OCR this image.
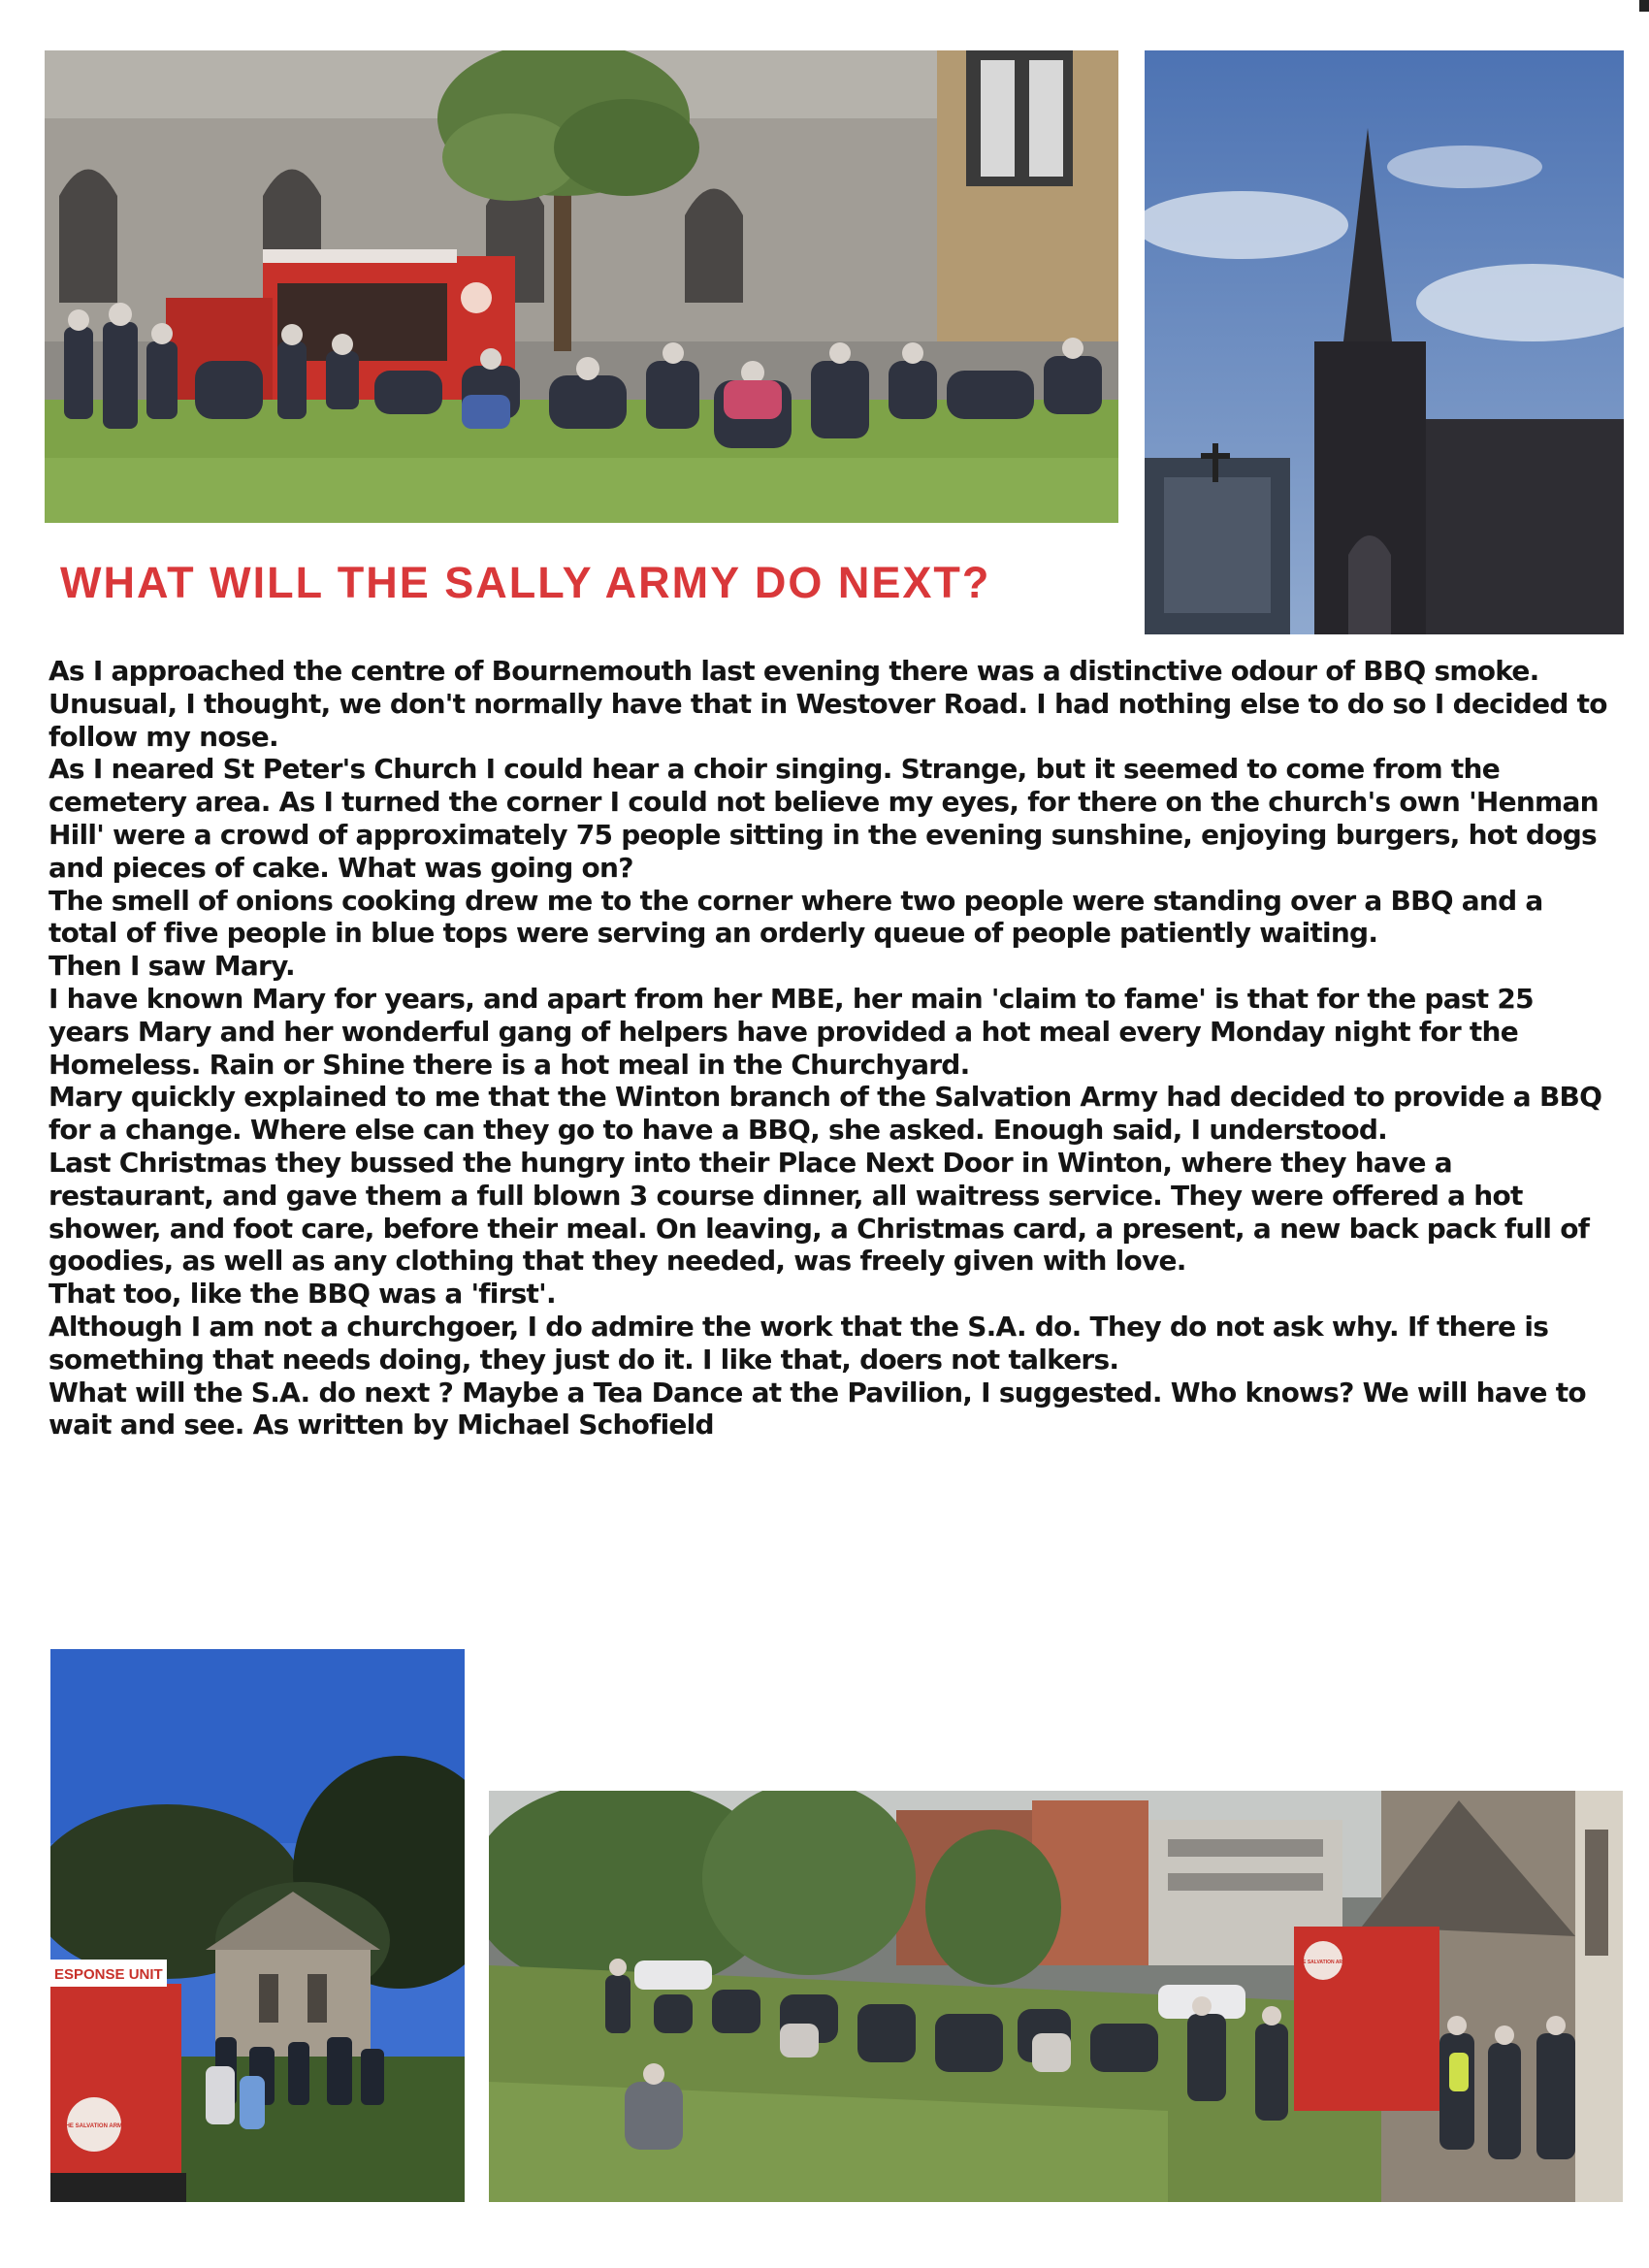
WHAT WILL THE SALLY ARMY DO NEXT?

As I approached the centre of Bournemouth last evening there was a distinctive odour of BBQ smoke. Unusual, I thought, we don't normally have that in Westover Road. I had nothing else to do so I decided to follow my nose.

As I neared St Peter's Church I could hear a choir singing. Strange, but it seemed to come from the cemetery area. As I turned the corner I could not believe my eyes, for there on the church's own 'Henman Hill' were a crowd of approximately 75 people sitting in the evening sunshine, enjoying burgers, hot dogs and pieces of cake. What was going on?

The smell of onions cooking drew me to the corner where two people were standing over a BBQ and a total of five people in blue tops were serving an orderly queue of people patiently waiting.

Then I saw Mary.

I have known Mary for years, and apart from her MBE, her main 'claim to fame' is that for the past 25 years Mary and her wonderful gang of helpers have provided a hot meal every Monday night for the Homeless. Rain or Shine there is a hot meal in the Churchyard.

Mary quickly explained to me that the Winton branch of the Salvation Army had decided to provide a BBQ for a change. Where else can they go to have a BBQ, she asked. Enough said, I understood.

Last Christmas they bussed the hungry into their Place Next Door in Winton, where they have a restaurant, and gave them a full blown 3 course dinner, all waitress service. They were offered a hot shower, and foot care, before their meal. On leaving, a Christmas card, a present, a new back pack full of goodies, as well as any clothing that they needed, was freely given with love.

That too, like the BBQ was a 'first'.

Although I am not a churchgoer, I do admire the work that the S.A. do. They do not ask why. If there is something that needs doing, they just do it. I like that, doers not talkers.

What will the S.A. do next ? Maybe a Tea Dance at the Pavilion, I suggested. Who knows? We will have to wait and see. As written by Michael Schofield

ESPONSE UNIT
THE SALVATION ARMY
THE SALVATION ARMY
